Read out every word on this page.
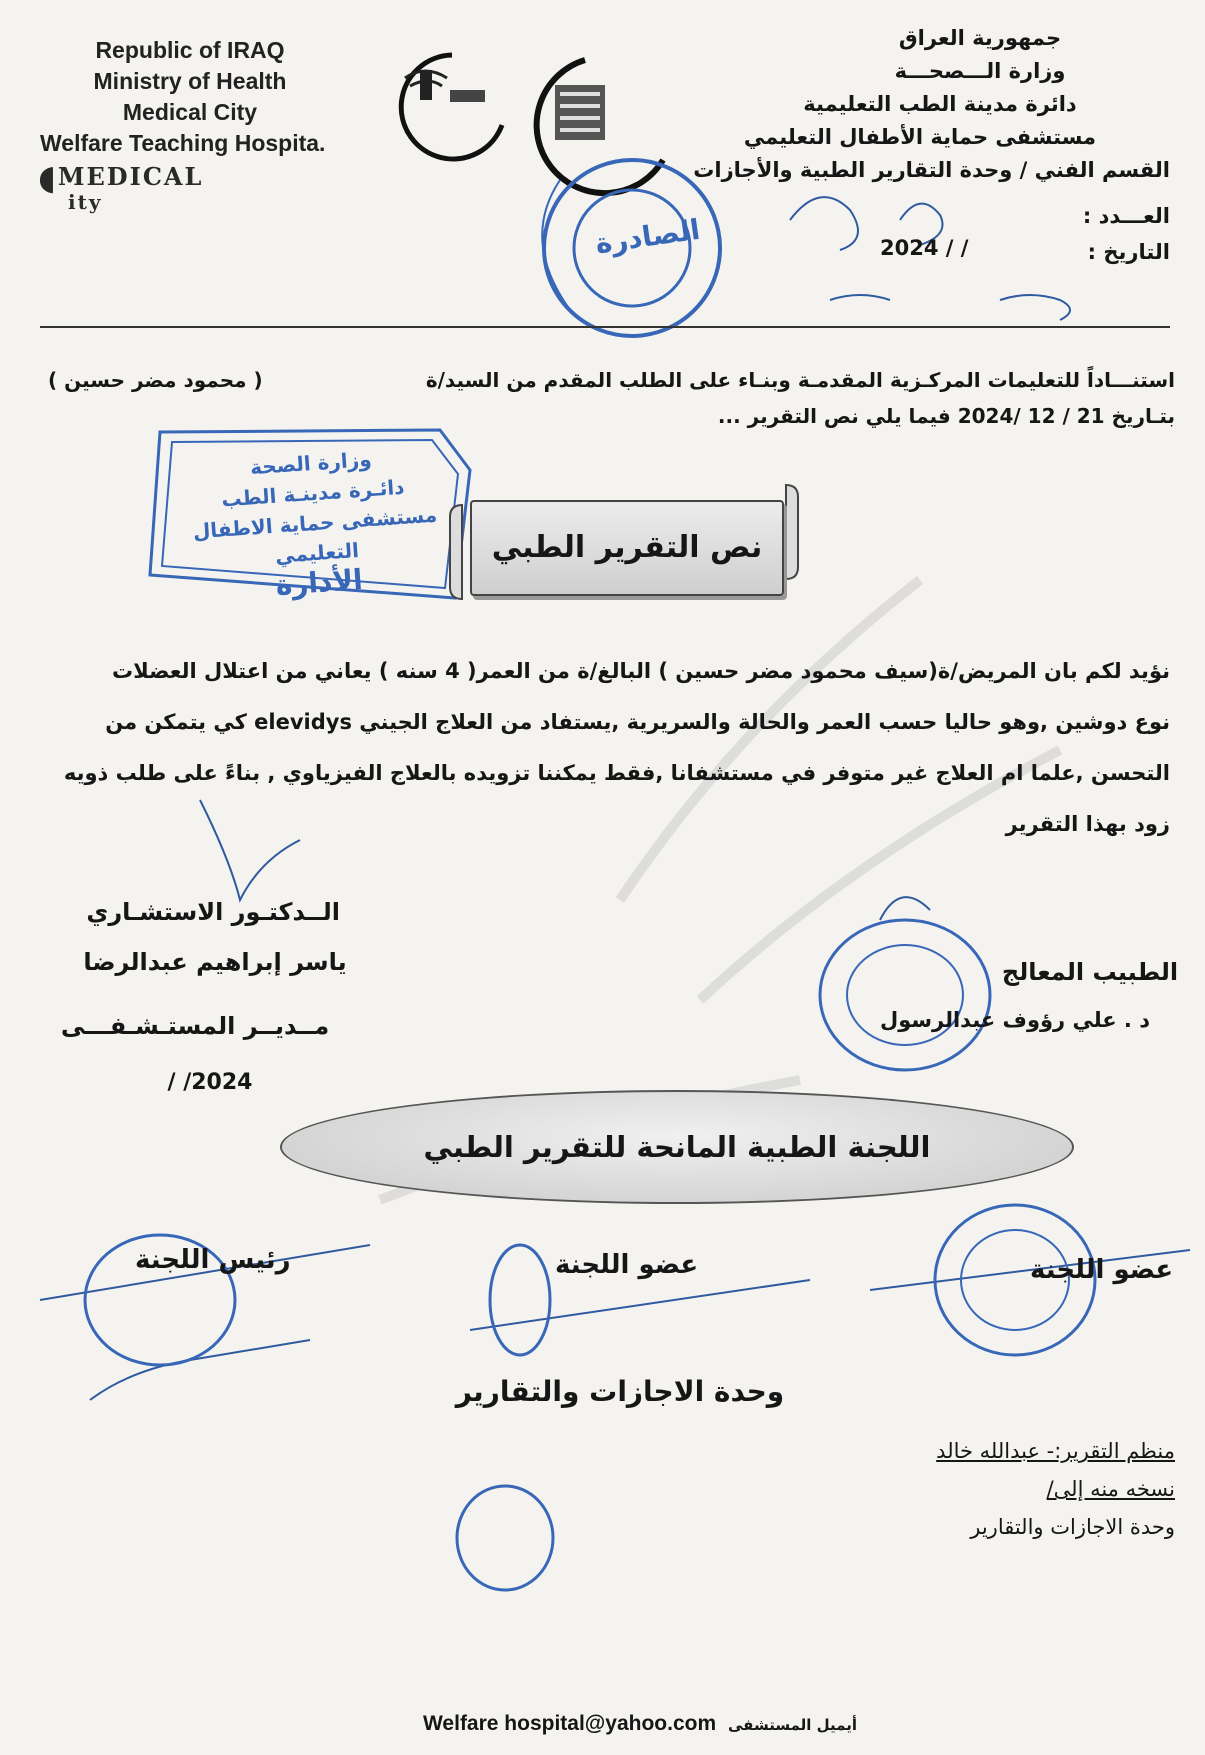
Republic of IRAQ
Ministry of Health
Medical City
Welfare Teaching Hospita.
◖MEDICAL
ity
الصادرة
وزارة الصحة
دائـرة مدينـة الطب
مستشفى حماية الاطفال التعليمي
الأدارة
جمهورية العراق
وزارة الـــصحـــة
دائرة مدينة الطب التعليمية
مستشفى حماية الأطفال التعليمي
القسم الفني / وحدة التقارير الطبية والأجازات
العـــدد :
التاريخ :
2024 / /
استنـــاداً للتعليمات المركـزية المقدمـة وبنـاء على الطلب المقدم من السيد/ة
( محمود مضر حسين )
بتـاريخ 21 / 12 /2024 فيما يلي نص التقرير ...
نص التقرير الطبي
نؤيد لكم بان المريض/ة(سيف محمود مضر حسين ) البالغ/ة من العمر( 4 سنه ) يعاني من اعتلال العضلات
نوع دوشين ,وهو حاليا حسب العمر والحالة والسريرية ,يستفاد من العلاج الجيني elevidys كي يتمكن من
التحسن ,علما ام العلاج غير متوفر في مستشفانا ,فقط يمكننا تزويده بالعلاج الفيزياوي , بناءً على طلب ذويه
زود بهذا التقرير
الــدكتـور الاستشـاري
ياسر إبراهيم عبدالرضا
مــديــر المستـشـفـــى
2024/ /
الطبيب المعالج
د . علي رؤوف عبدالرسول
اللجنة الطبية المانحة للتقرير الطبي
رئيس اللجنة	عضو اللجنة	عضو اللجنة
وحدة الاجازات والتقارير
منظم التقرير:- عبدالله خالد
نسخه منه إلى/
وحدة الاجازات والتقارير
Welfare hospital@yahoo.com أيميل المستشفى
